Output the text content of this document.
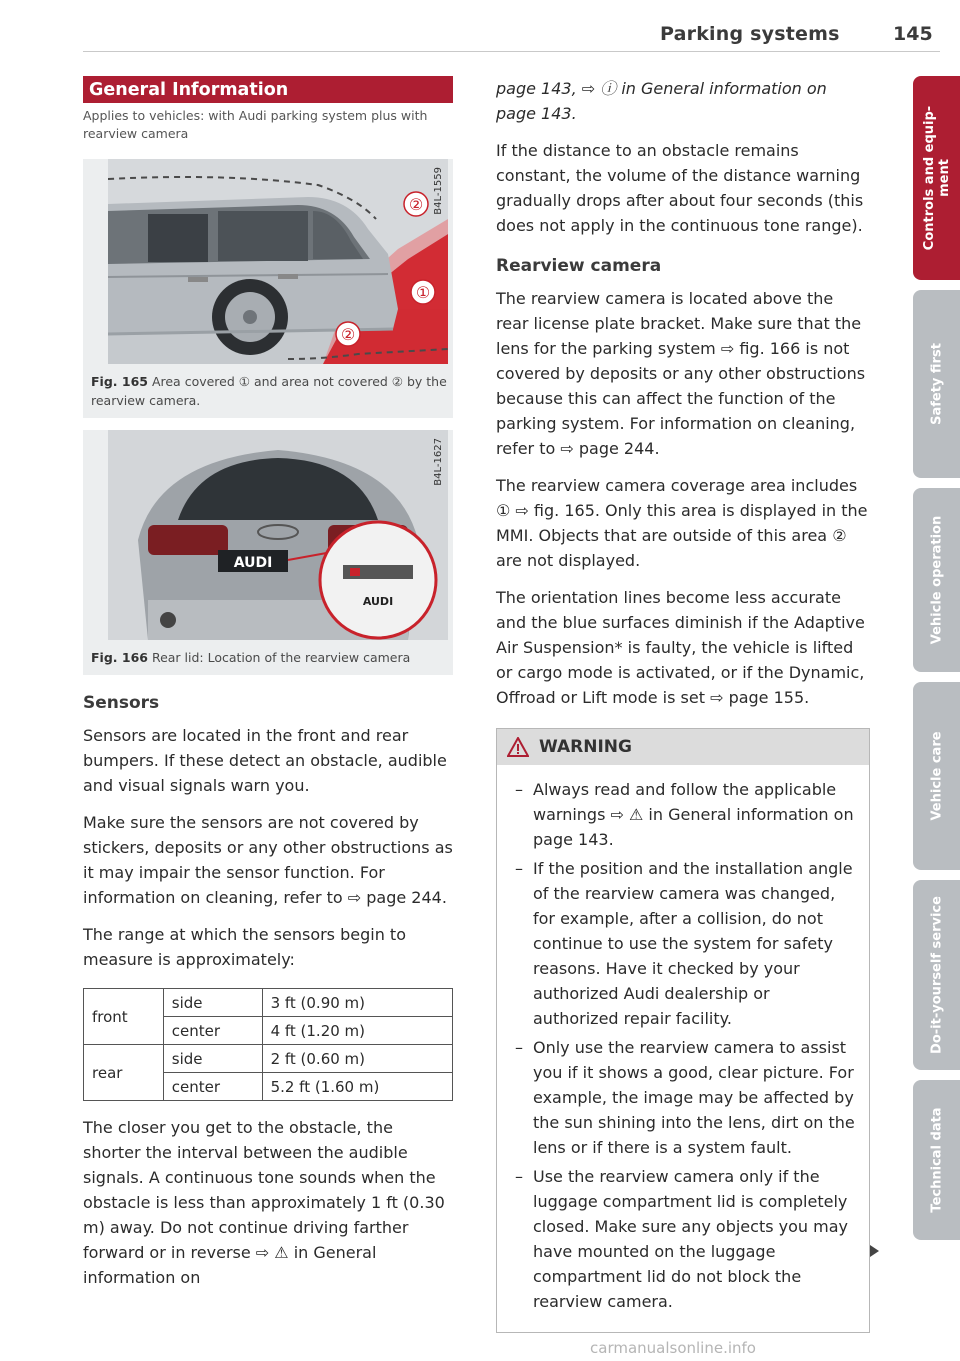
Parking systems	145
General Information
Applies to vehicles: with Audi parking system plus with rearview camera
②
①
②
B4L-1559
Fig. 165 Area covered ① and area not covered ② by the rearview camera.
AUDI
AUDI
B4L-1627
Fig. 166 Rear lid: Location of the rearview camera
Sensors

Sensors are located in the front and rear bumpers. If these detect an obstacle, audible and visual signals warn you.

Make sure the sensors are not covered by stickers, deposits or any other obstructions as it may impair the sensor function. For information on cleaning, refer to ⇨ page 244.

The range at which the sensors begin to measure is approximately:

front	side	3 ft (0.90 m)
	center	4 ft (1.20 m)
rear	side	2 ft (0.60 m)
	center	5.2 ft (1.60 m)

The closer you get to the obstacle, the shorter the interval between the audible signals. A continuous tone sounds when the obstacle is less than approximately 1 ft (0.30 m) away. Do not continue driving farther forward or in reverse ⇨ ⚠ in General information on

page 143, ⇨ ⓘ in General information on page 143.

If the distance to an obstacle remains constant, the volume of the distance warning gradually drops after about four seconds (this does not apply in the continuous tone range).

Rearview camera

The rearview camera is located above the rear license plate bracket. Make sure that the lens for the parking system ⇨ fig. 166 is not covered by deposits or any other obstructions because this can affect the function of the parking system. For information on cleaning, refer to ⇨ page 244.

The rearview camera coverage area includes ① ⇨ fig. 165. Only this area is displayed in the MMI. Objects that are outside of this area ② are not displayed.

The orientation lines become less accurate and the blue surfaces diminish if the Adaptive Air Suspension* is faulty, the vehicle is lifted or cargo mode is activated, or if the Dynamic, Offroad or Lift mode is set ⇨ page 155.

WARNING
– Always read and follow the applicable warnings ⇨ ⚠ in General information on page 143.
– If the position and the installation angle of the rearview camera was changed, for example, after a collision, do not continue to use the system for safety reasons. Have it checked by your authorized Audi dealership or authorized repair facility.
– Only use the rearview camera to assist you if it shows a good, clear picture. For example, the image may be affected by the sun shining into the lens, dirt on the lens or if there is a system fault.
– Use the rearview camera only if the luggage compartment lid is completely closed. Make sure any objects you may have mounted on the luggage compartment lid do not block the rearview camera.
Controls and equip-ment
Safety first
Vehicle operation
Vehicle care
Do-it-yourself service
Technical data
carmanualsonline.info
